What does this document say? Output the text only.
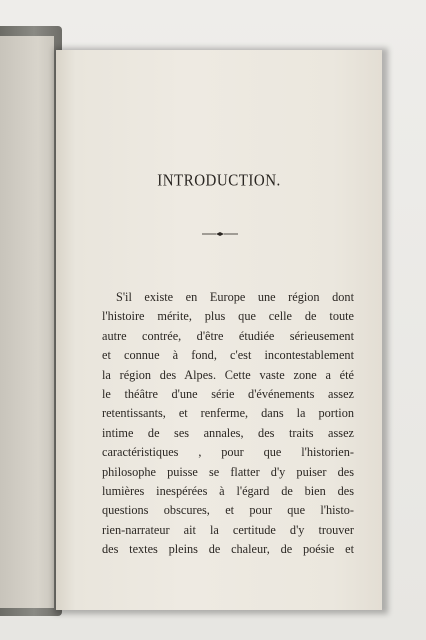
INTRODUCTION.

S'il existe en Europe une région dont
l'histoire mérite, plus que celle de toute
autre contrée, d'être étudiée sérieusement
et connue à fond, c'est incontestablement
la région des Alpes. Cette vaste zone a été
le théâtre d'une série d'événements assez
retentissants, et renferme, dans la portion
intime de ses annales, des traits assez
caractéristiques , pour que l'historien-
philosophe puisse se flatter d'y puiser des
lumières inespérées à l'égard de bien des
questions obscures, et pour que l'histo-
rien-narrateur ait la certitude d'y trouver
des textes pleins de chaleur, de poésie et
